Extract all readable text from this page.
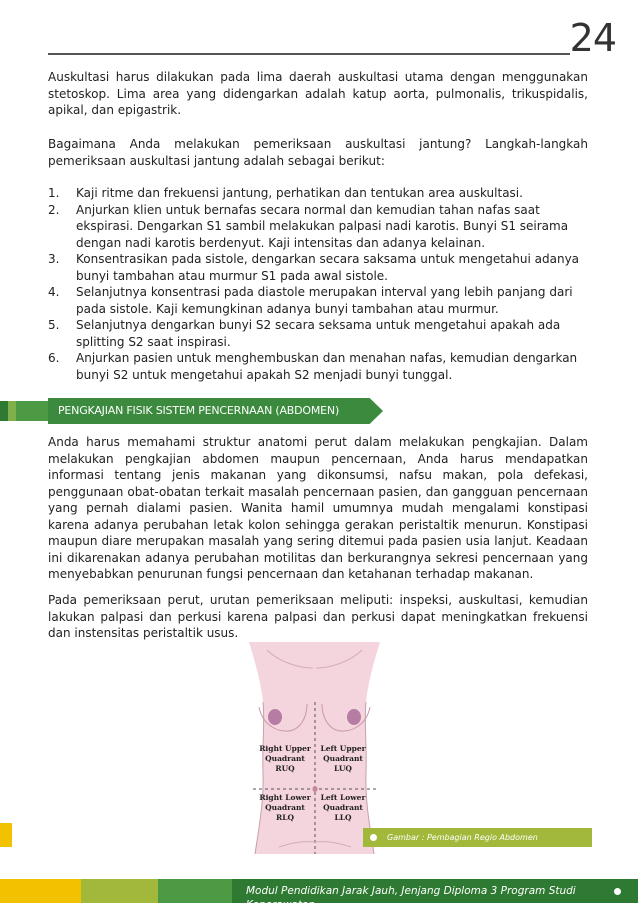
24

Auskultasi harus dilakukan pada lima daerah auskultasi utama dengan menggunakan stetoskop. Lima area yang didengarkan adalah katup aorta, pulmonalis, trikuspidalis, apikal, dan epigastrik.

Bagaimana Anda melakukan pemeriksaan auskultasi jantung? Langkah-langkah pemeriksaan auskultasi jantung adalah sebagai berikut:

1. Kaji ritme dan frekuensi jantung, perhatikan dan tentukan area auskultasi.
2. Anjurkan klien untuk bernafas secara normal dan kemudian tahan nafas saat ekspirasi. Dengarkan S1 sambil melakukan palpasi nadi karotis. Bunyi S1 seirama dengan nadi karotis berdenyut. Kaji intensitas dan adanya kelainan.
3. Konsentrasikan pada sistole, dengarkan secara saksama untuk mengetahui adanya bunyi tambahan atau murmur S1 pada awal sistole.
4. Selanjutnya konsentrasi pada diastole merupakan interval yang lebih panjang dari pada sistole. Kaji kemungkinan adanya bunyi tambahan atau murmur.
5. Selanjutnya dengarkan bunyi S2 secara seksama untuk mengetahui apakah ada splitting S2 saat inspirasi.
6. Anjurkan pasien untuk menghembuskan dan menahan nafas, kemudian dengarkan bunyi S2 untuk mengetahui apakah S2 menjadi bunyi tunggal.
PENGKAJIAN FISIK SISTEM PENCERNAAN (ABDOMEN)

Anda harus memahami struktur anatomi perut dalam melakukan pengkajian. Dalam melakukan pengkajian abdomen maupun pencernaan, Anda harus mendapatkan informasi tentang jenis makanan yang dikonsumsi, nafsu makan, pola defekasi, penggunaan obat-obatan terkait masalah pencernaan pasien, dan gangguan pencernaan yang pernah dialami pasien. Wanita hamil umumnya mudah mengalami konstipasi karena adanya perubahan letak kolon sehingga gerakan peristaltik menurun. Konstipasi maupun diare merupakan masalah yang sering ditemui pada pasien usia lanjut. Keadaan ini dikarenakan adanya perubahan motilitas dan berkurangnya sekresi pencernaan yang menyebabkan penurunan fungsi pencernaan dan ketahanan terhadap makanan.

Pada pemeriksaan perut, urutan pemeriksaan meliputi: inspeksi, auskultasi, kemudian lakukan palpasi dan perkusi karena palpasi dan perkusi dapat meningkatkan frekuensi dan instensitas peristaltik usus.

Right Upper
Quadrant
RUQ
Left Upper
Quadrant
LUQ
Right Lower
Quadrant
RLQ
Left Lower
Quadrant
LLQ
Gambar : Pembagian Regio Abdomen
Modul Pendidikan Jarak Jauh, Jenjang Diploma 3 Program Studi Keperawatan
